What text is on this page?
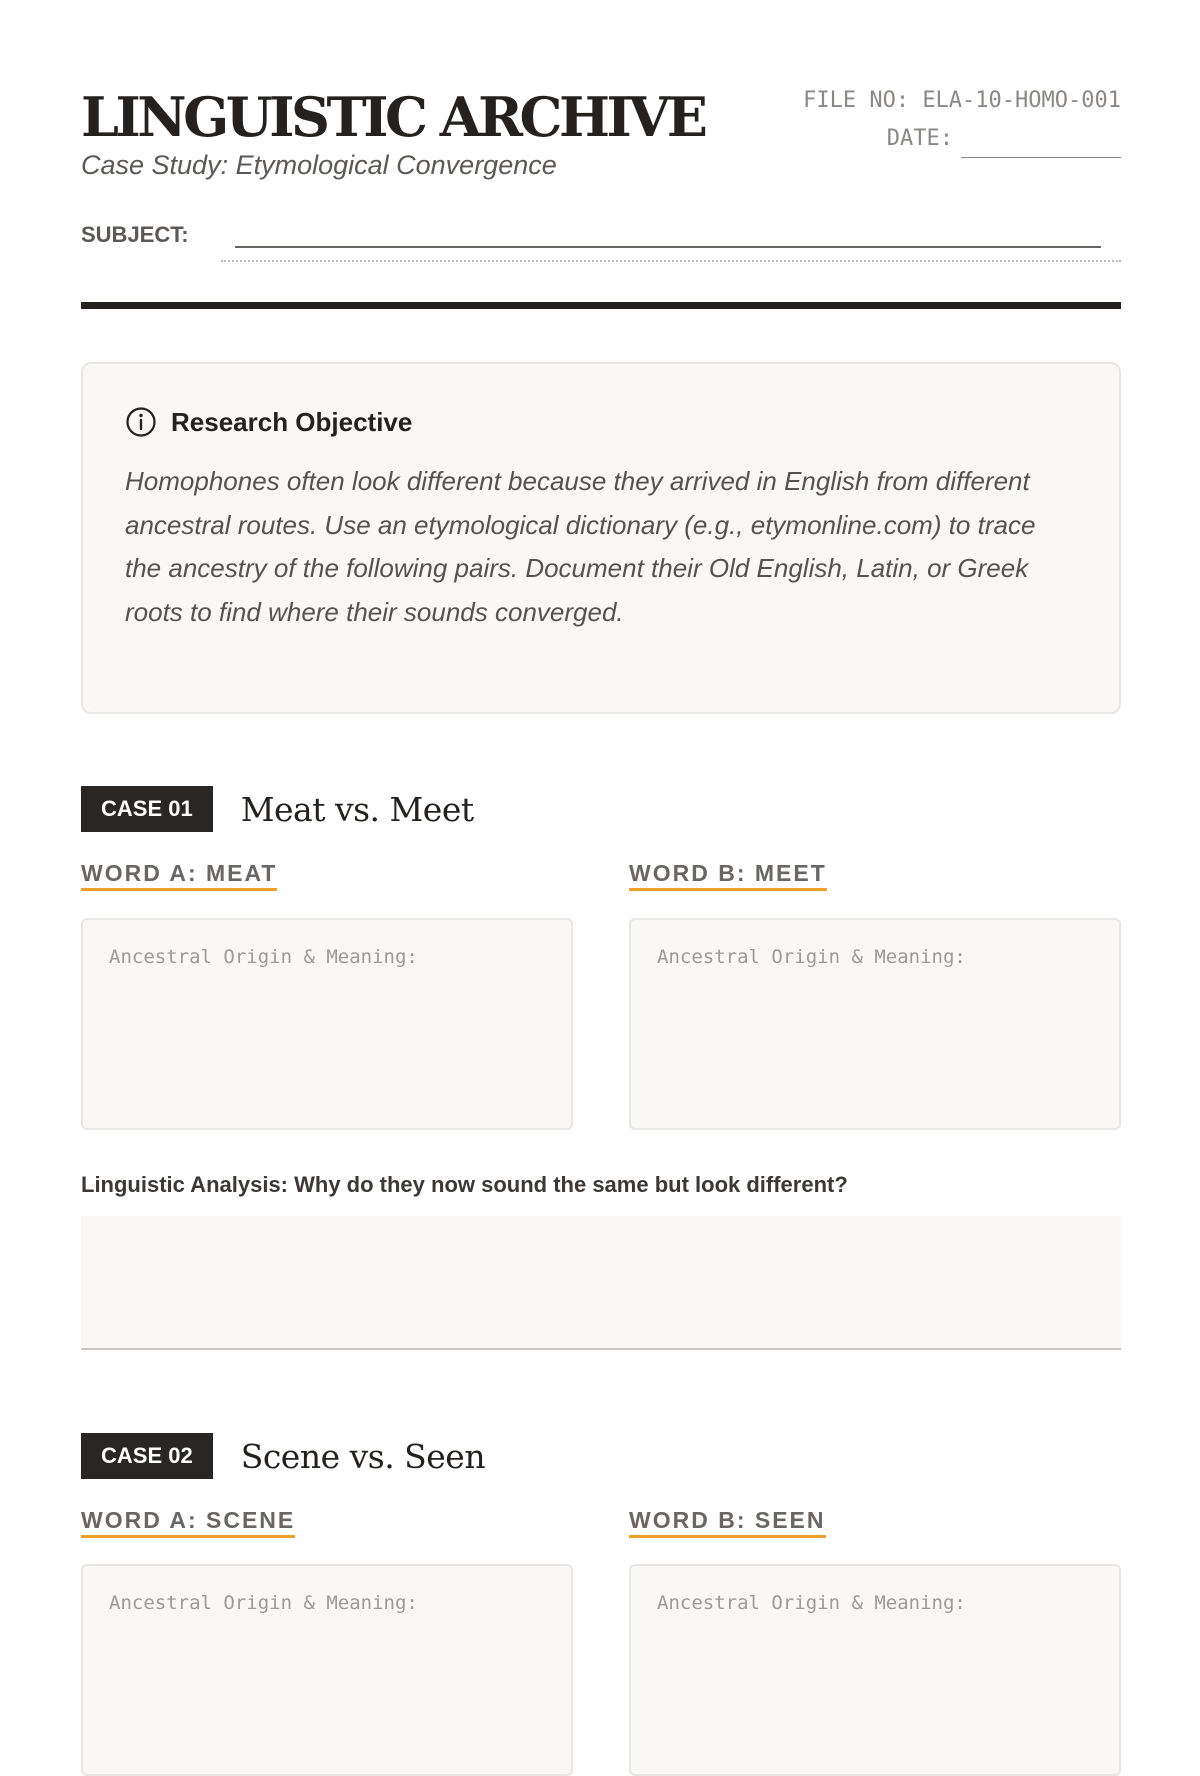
LINGUISTIC ARCHIVE
Case Study: Etymological Convergence
FILE NO: ELA-10-HOMO-001
DATE:
SUBJECT:
Research Objective
Homophones often look different because they arrived in English from different ancestral routes. Use an etymological dictionary (e.g., etymonline.com) to trace the ancestry of the following pairs. Document their Old English, Latin, or Greek roots to find where their sounds converged.
CASE 01	Meat vs. Meet
WORD A: MEAT	WORD B: MEET
Ancestral Origin & Meaning:	Ancestral Origin & Meaning:
Linguistic Analysis: Why do they now sound the same but look different?
CASE 02	Scene vs. Seen
WORD A: SCENE	WORD B: SEEN
Ancestral Origin & Meaning:	Ancestral Origin & Meaning:
